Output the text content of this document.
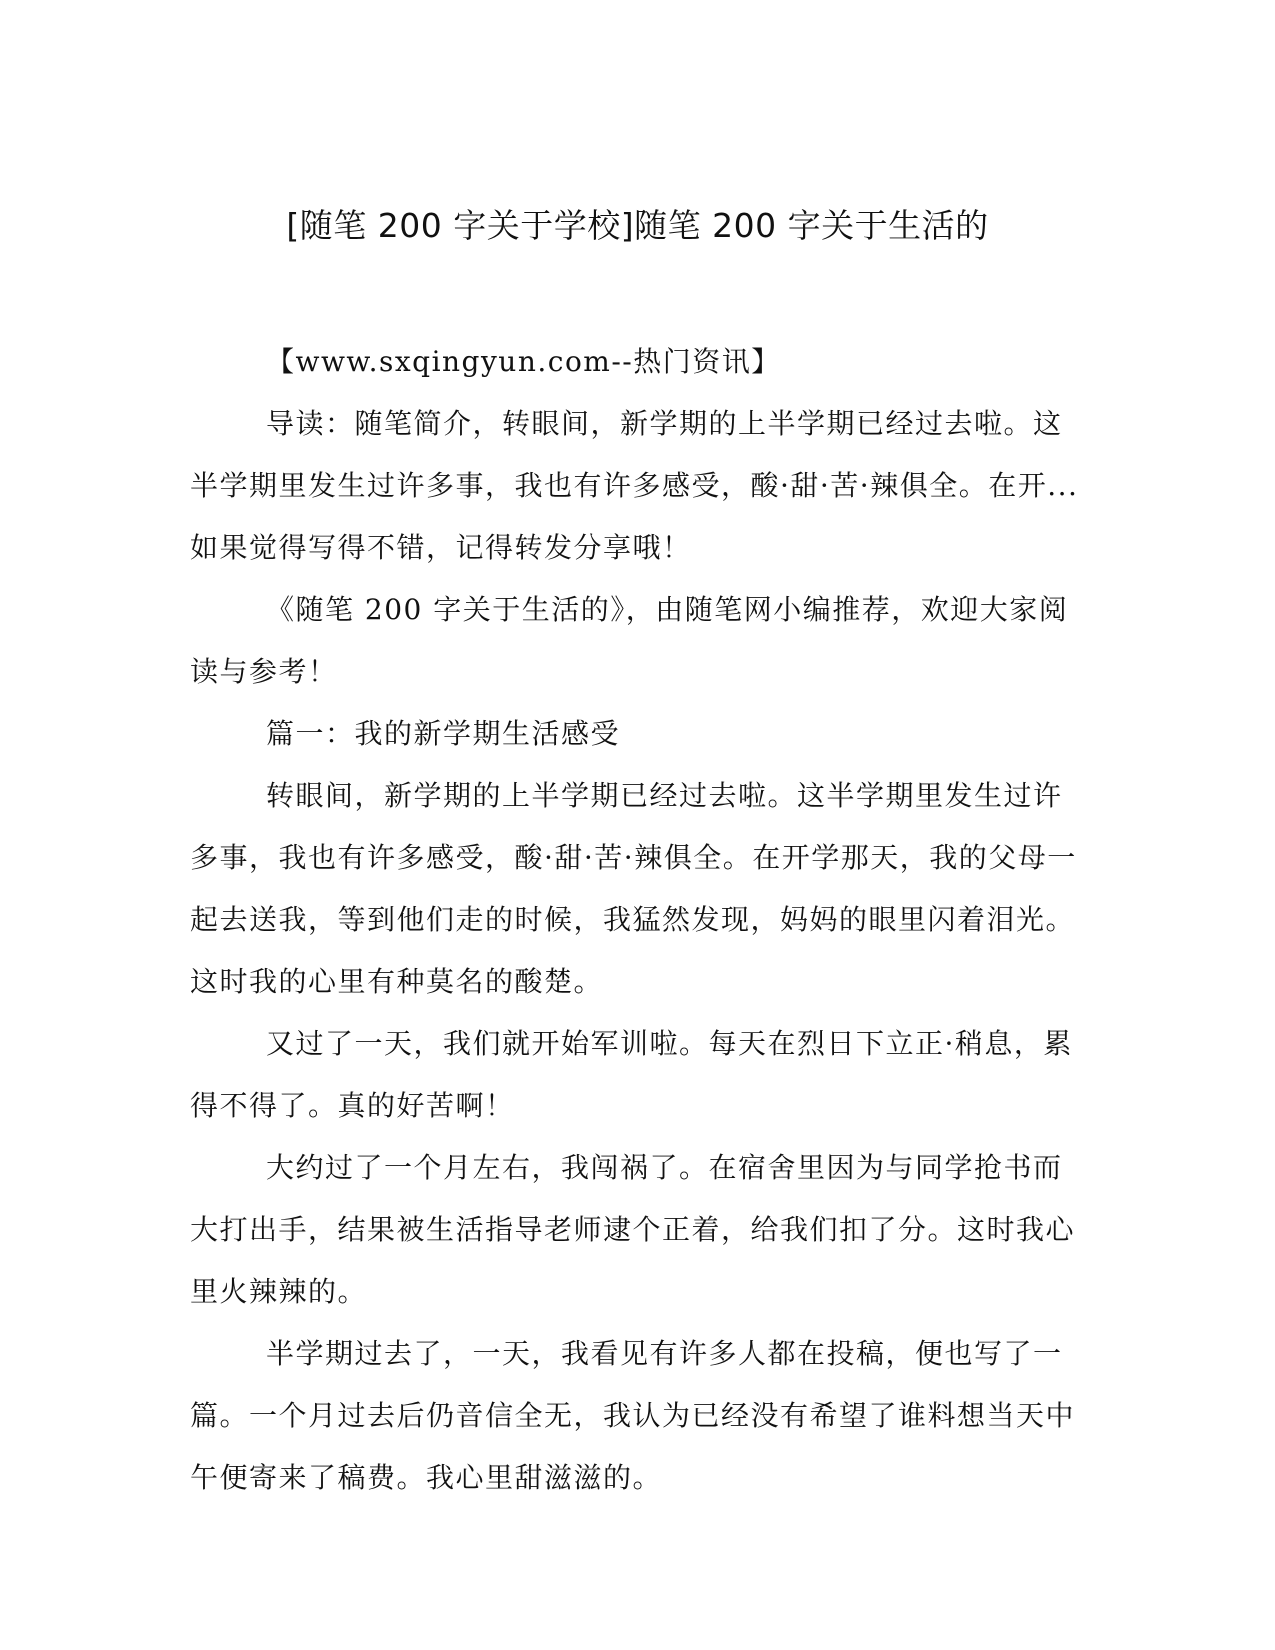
[随笔 200 字关于学校]随笔 200 字关于生活的

【www.sxqingyun.com--热门资讯】

导读：随笔简介，转眼间，新学期的上半学期已经过去啦。这半学期里发生过许多事，我也有许多感受，酸·甜·苦·辣俱全。在开... 如果觉得写得不错，记得转发分享哦！

《随笔 200 字关于生活的》，由随笔网小编推荐，欢迎大家阅读与参考！

篇一：我的新学期生活感受

转眼间，新学期的上半学期已经过去啦。这半学期里发生过许多事，我也有许多感受，酸·甜·苦·辣俱全。在开学那天，我的父母一起去送我，等到他们走的时候，我猛然发现，妈妈的眼里闪着泪光。这时我的心里有种莫名的酸楚。

又过了一天，我们就开始军训啦。每天在烈日下立正·稍息，累得不得了。真的好苦啊！

大约过了一个月左右，我闯祸了。在宿舍里因为与同学抢书而大打出手，结果被生活指导老师逮个正着，给我们扣了分。这时我心里火辣辣的。

半学期过去了，一天，我看见有许多人都在投稿，便也写了一篇。一个月过去后仍音信全无，我认为已经没有希望了谁料想当天中午便寄来了稿费。我心里甜滋滋的。
